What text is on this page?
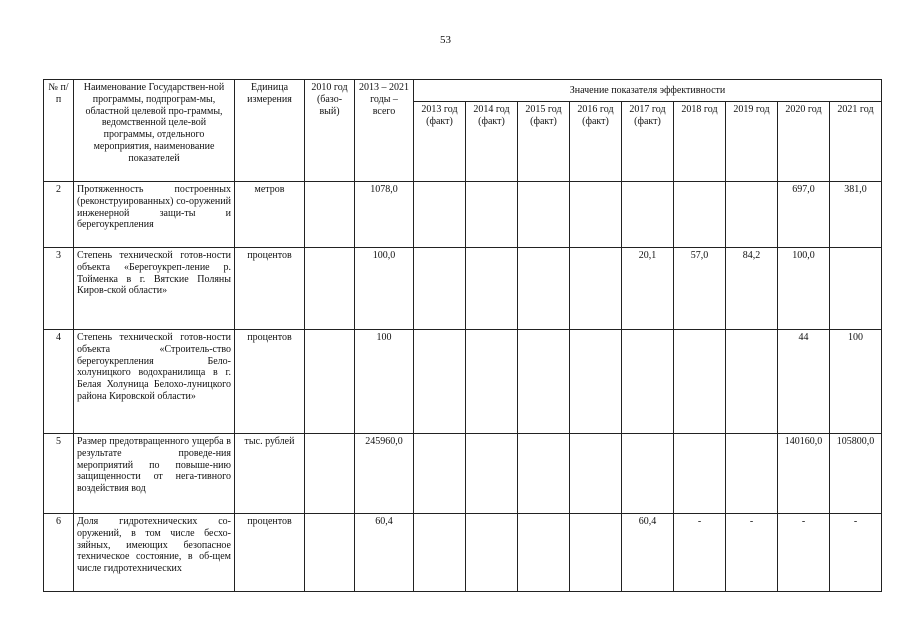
53
№ п/п	Наименование Государствен-ной программы, подпрограм-мы, областной целевой про-граммы, ведомственной целе-вой программы, отдельного мероприятия, наименование показателей	Единица измерения	2010 год (базо-вый)	2013 – 2021 годы – всего	Значение показателя эффективности								
					2013 год (факт)	2014 год (факт)	2015 год (факт)	2016 год (факт)	2017 год (факт)	2018 год	2019 год	2020 год	2021 год
2	Протяженность построенных (реконструированных) со-оружений инженерной защи-ты и берегоукрепления	метров		1078,0								697,0	381,0
3	Степень технической готов-ности объекта «Берегоукреп-ление р. Тойменка в г. Вятские Поляны Киров-ской области»	процентов		100,0					20,1	57,0	84,2	100,0	
4	Степень технической готов-ности объекта «Строитель-ство берегоукрепления Бело-холуницкого водохранилища в г. Белая Холуница Белохо-луницкого района Кировской области»	процентов		100								44	100
5	Размер предотвращенного ущерба в результате проведе-ния мероприятий по повыше-нию защищенности от нега-тивного воздействия вод	тыс. рублей		245960,0								140160,0	105800,0
6	Доля гидротехнических со-оружений, в том числе бесхо-зяйных, имеющих безопасное техническое состояние, в об-щем числе гидротехнических	процентов		60,4					60,4	-	-	-	-
